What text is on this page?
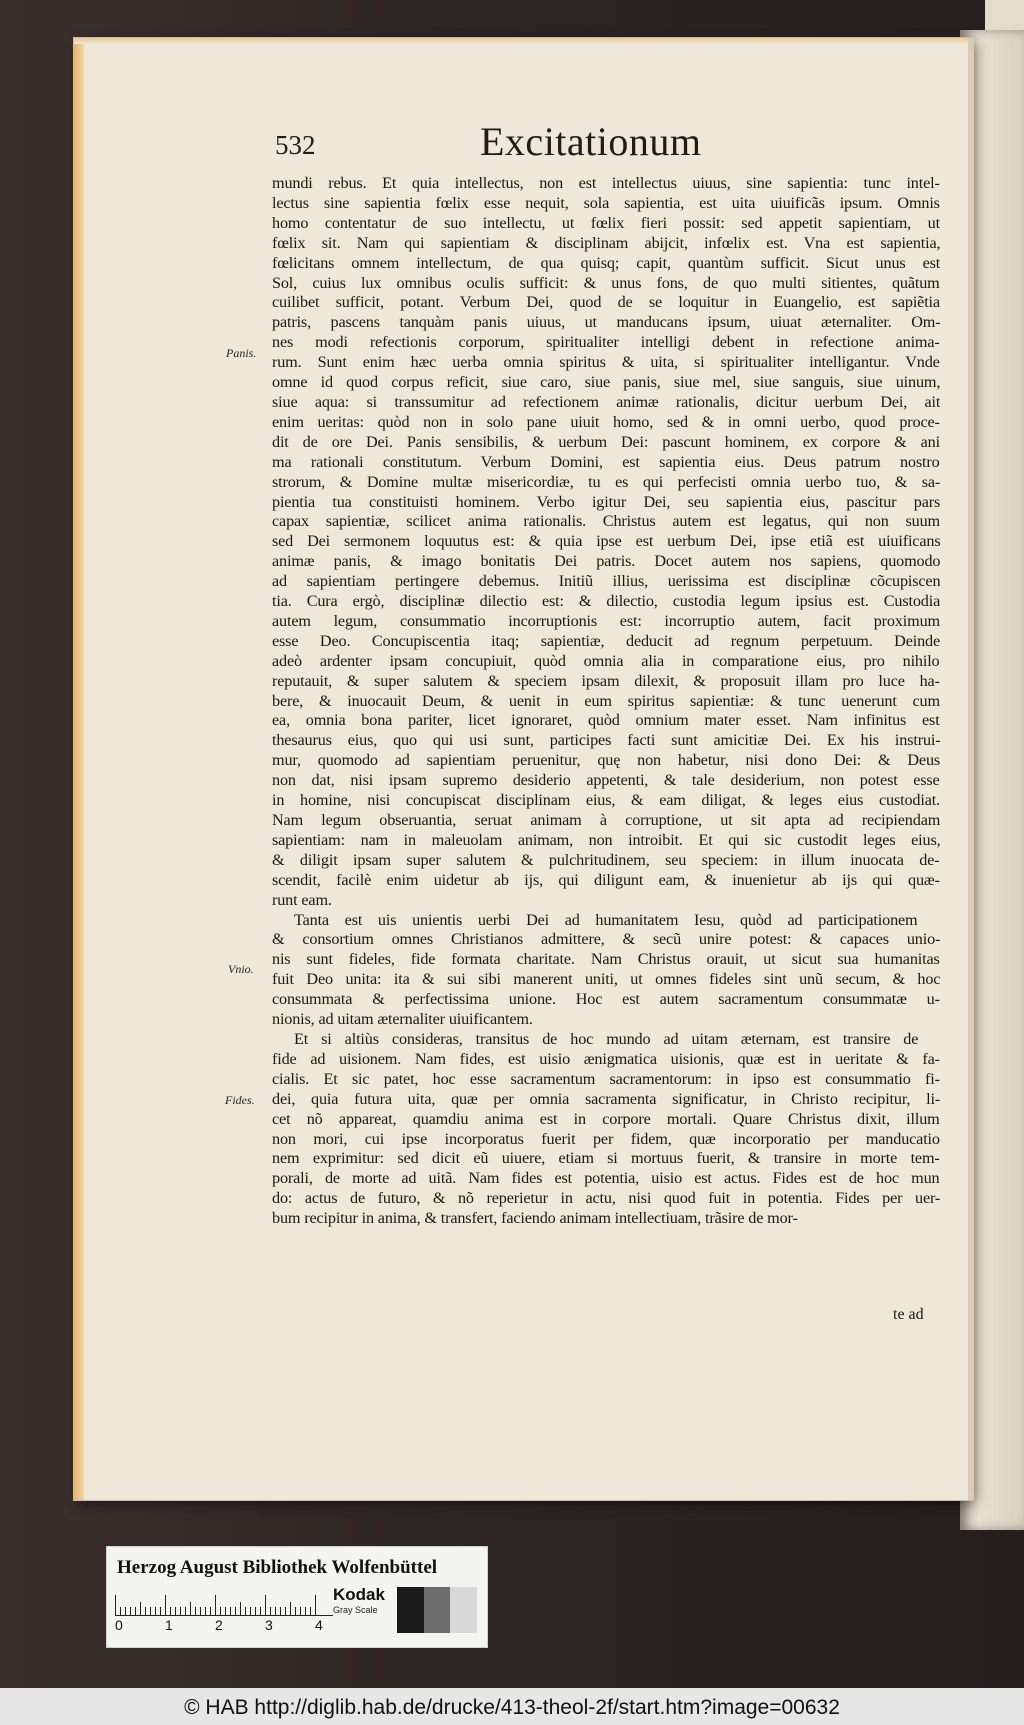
532	Excitationum
Panis.
Vnio.
Fides.
mundi rebus. Et quia intellectus, non est intellectus uiuus, sine sapientia: tunc intel-
lectus sine sapientia fœlix esse nequit, sola sapientia, est uita uiuificãs ipsum. Omnis
homo contentatur de suo intellectu, ut fœlix fieri possit: sed appetit sapientiam, ut
fœlix sit. Nam qui sapientiam & disciplinam abijcit, infœlix est. Vna est sapientia,
fœlicitans omnem intellectum, de qua quisq; capit, quantùm sufficit. Sicut unus est
Sol, cuius lux omnibus oculis sufficit: & unus fons, de quo multi sitientes, quãtum
cuilibet sufficit, potant. Verbum Dei, quod de se loquitur in Euangelio, est sapiẽtia
patris, pascens tanquàm panis uiuus, ut manducans ipsum, uiuat æternaliter. Om-
nes modi refectionis corporum, spiritualiter intelligi debent in refectione anima-
rum. Sunt enim hæc uerba omnia spiritus & uita, si spiritualiter intelligantur. Vnde
omne id quod corpus reficit, siue caro, siue panis, siue mel, siue sanguis, siue uinum,
siue aqua: si transsumitur ad refectionem animæ rationalis, dicitur uerbum Dei, ait
enim ueritas: quòd non in solo pane uiuit homo, sed & in omni uerbo, quod proce-
dit de ore Dei. Panis sensibilis, & uerbum Dei: pascunt hominem, ex corpore & ani
ma rationali constitutum. Verbum Domini, est sapientia eius. Deus patrum nostro
strorum, & Domine multæ misericordiæ, tu es qui perfecisti omnia uerbo tuo, & sa-
pientia tua constituisti hominem. Verbo igitur Dei, seu sapientia eius, pascitur pars
capax sapientiæ, scilicet anima rationalis. Christus autem est legatus, qui non suum
sed Dei sermonem loquutus est: & quia ipse est uerbum Dei, ipse etiã est uiuificans
animæ panis, & imago bonitatis Dei patris. Docet autem nos sapiens, quomodo
ad sapientiam pertingere debemus. Initiũ illius, uerissima est disciplinæ cõcupiscen
tia. Cura ergò, disciplinæ dilectio est: & dilectio, custodia legum ipsius est. Custodia
autem legum, consummatio incorruptionis est: incorruptio autem, facit proximum
esse Deo. Concupiscentia itaq; sapientiæ, deducit ad regnum perpetuum. Deinde
adeò ardenter ipsam concupiuit, quòd omnia alia in comparatione eius, pro nihilo
reputauit, & super salutem & speciem ipsam dilexit, & proposuit illam pro luce ha-
bere, & inuocauit Deum, & uenit in eum spiritus sapientiæ: & tunc uenerunt cum
ea, omnia bona pariter, licet ignoraret, quòd omnium mater esset. Nam infinitus est
thesaurus eius, quo qui usi sunt, participes facti sunt amicitiæ Dei. Ex his instrui-
mur, quomodo ad sapientiam peruenitur, quę non habetur, nisi dono Dei: & Deus
non dat, nisi ipsam supremo desiderio appetenti, & tale desiderium, non potest esse
in homine, nisi concupiscat disciplinam eius, & eam diligat, & leges eius custodiat.
Nam legum obseruantia, seruat animam à corruptione, ut sit apta ad recipiendam
sapientiam: nam in maleuolam animam, non introibit. Et qui sic custodit leges eius,
& diligit ipsam super salutem & pulchritudinem, seu speciem: in illum inuocata de-
scendit, facilè enim uidetur ab ijs, qui diligunt eam, & inuenietur ab ijs qui quæ-
runt eam.
Tanta est uis unientis uerbi Dei ad humanitatem Iesu, quòd ad participationem
& consortium omnes Christianos admittere, & secũ unire potest: & capaces unio-
nis sunt fideles, fide formata charitate. Nam Christus orauit, ut sicut sua humanitas
fuit Deo unita: ita & sui sibi manerent uniti, ut omnes fideles sint unũ secum, & hoc
consummata & perfectissima unione. Hoc est autem sacramentum consummatæ u-
nionis, ad uitam æternaliter uiuificantem.
Et si altiùs consideras, transitus de hoc mundo ad uitam æternam, est transire de
fide ad uisionem. Nam fides, est uisio ænigmatica uisionis, quæ est in ueritate & fa-
cialis. Et sic patet, hoc esse sacramentum sacramentorum: in ipso est consummatio fi-
dei, quia futura uita, quæ per omnia sacramenta significatur, in Christo recipitur, li-
cet nõ appareat, quamdiu anima est in corpore mortali. Quare Christus dixit, illum
non mori, cui ipse incorporatus fuerit per fidem, quæ incorporatio per manducatio
nem exprimitur: sed dicit eũ uiuere, etiam si mortuus fuerit, & transire in morte tem-
porali, de morte ad uitã. Nam fides est potentia, uisio est actus. Fides est de hoc mun
do: actus de futuro, & nõ reperietur in actu, nisi quod fuit in potentia. Fides per uer-
bum recipitur in anima, & transfert, faciendo animam intellectiuam, trãsire de mor-
te ad
Herzog August Bibliothek Wolfenbüttel
0	1	2	3	4
Kodak
Gray Scale
© HAB http://diglib.hab.de/drucke/413-theol-2f/start.htm?image=00632
